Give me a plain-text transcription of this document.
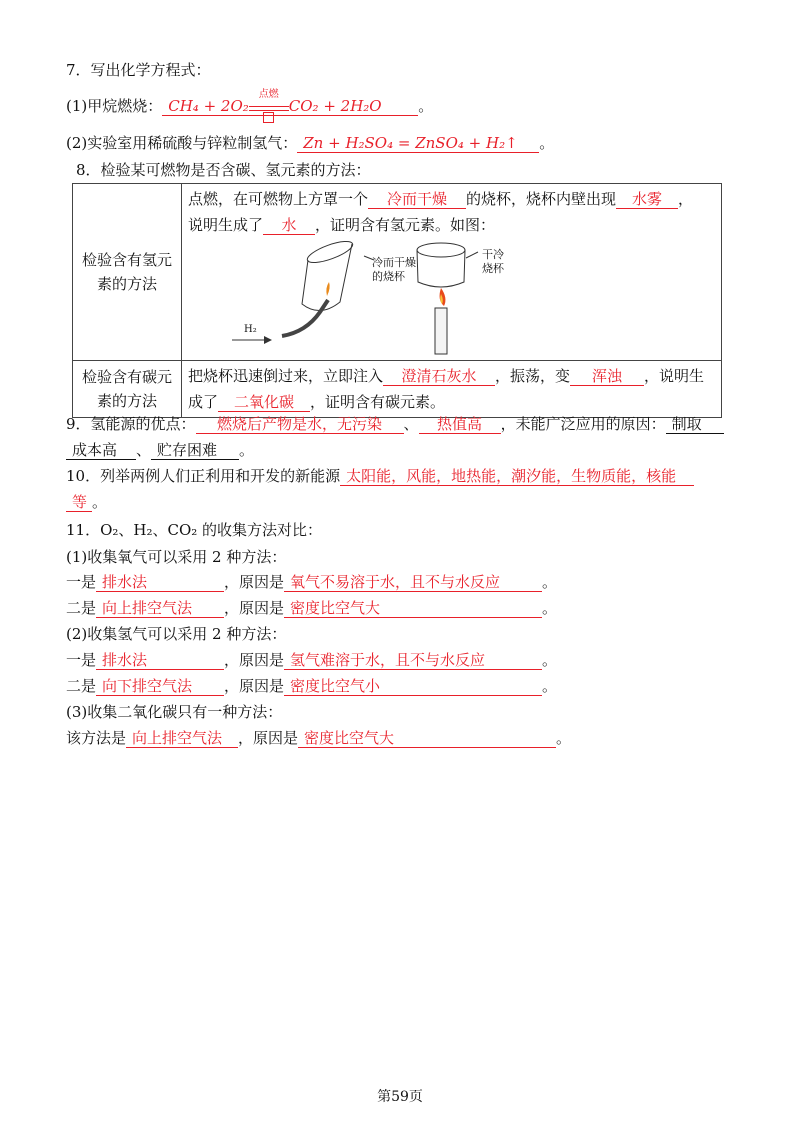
7．写出化学方程式：
(1)甲烷燃烧： CH₄ + 2O₂
点燃
CO₂ + 2H₂O 。
(2)实验室用稀硫酸与锌粒制氢气： Zn + H₂SO₄ = ZnSO₄ + H₂↑ 。
8．检验某可燃物是否含碳、氢元素的方法：
检验含有氢元素的方法	点燃，在可燃物上方罩一个 冷而干燥 的烧杯，烧杯内壁出现 水雾 ，
说明生成了 水 ，证明含有氢元素。如图：
冷而干燥的烧杯
H₂
干冷烧杯

检验含有碳元素的方法	把烧杯迅速倒过来，立即注入 澄清石灰水 ，振荡，变 浑浊 ，说明生
成了 二氧化碳 ，证明含有碳元素。
9．氢能源的优点： 燃烧后产物是水，无污染 、 热值高 ，未能广泛应用的原因： 制取
成本高 、 贮存困难 。
10．列举两例人们正利用和开发的新能源 太阳能，风能，地热能，潮汐能，生物质能，核能
等 。
11．O₂、H₂、CO₂ 的收集方法对比：
(1)收集氧气可以采用 2 种方法：
一是 排水法	，原因是 氧气不易溶于水，且不与水反应	。
二是 向上排空气法 ，原因是 密度比空气大	。
(2)收集氢气可以采用 2 种方法：
一是 排水法	，原因是 氢气难溶于水，且不与水反应	。
二是 向下排空气法 ，原因是 密度比空气小	。
(3)收集二氧化碳只有一种方法：
该方法是 向上排空气法 ，原因是 密度比空气大	。
第59页
